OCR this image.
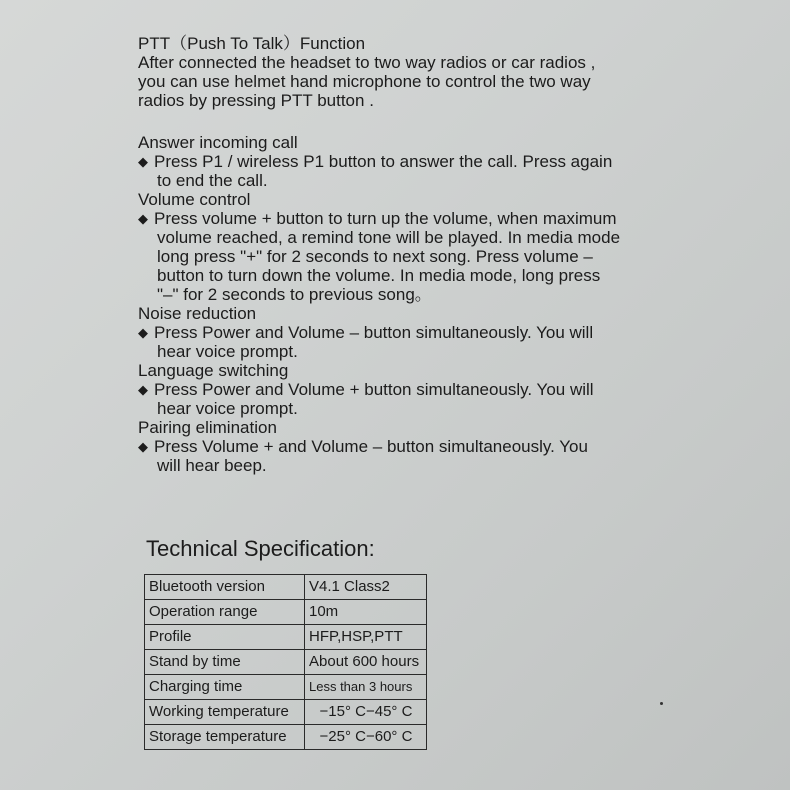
PTT（Push To Talk）Function
After connected the headset to two way radios or car radios ,
you can use helmet hand microphone to control the two way
radios by pressing PTT button .
Answer incoming call
◆ Press P1 / wireless P1 button to answer the call. Press again
to end the call.
Volume control
◆ Press volume + button to turn up the volume, when maximum
volume reached, a remind tone will be played. In media mode
long press "+" for 2 seconds to next song. Press volume –
button to turn down the volume. In media mode, long press
"–" for 2 seconds to previous song。
Noise reduction
◆ Press Power and Volume – button simultaneously. You will
hear voice prompt.
Language switching
◆ Press Power and Volume + button simultaneously. You will
hear voice prompt.
Pairing elimination
◆ Press Volume + and Volume – button simultaneously. You
will hear beep.
Technical Specification:
Bluetooth version	V4.1 Class2
Operation range	10m
Profile	HFP,HSP,PTT
Stand by time	About 600 hours
Charging time	Less than 3 hours
Working temperature	−15° C−45° C
Storage temperature	−25° C−60° C
